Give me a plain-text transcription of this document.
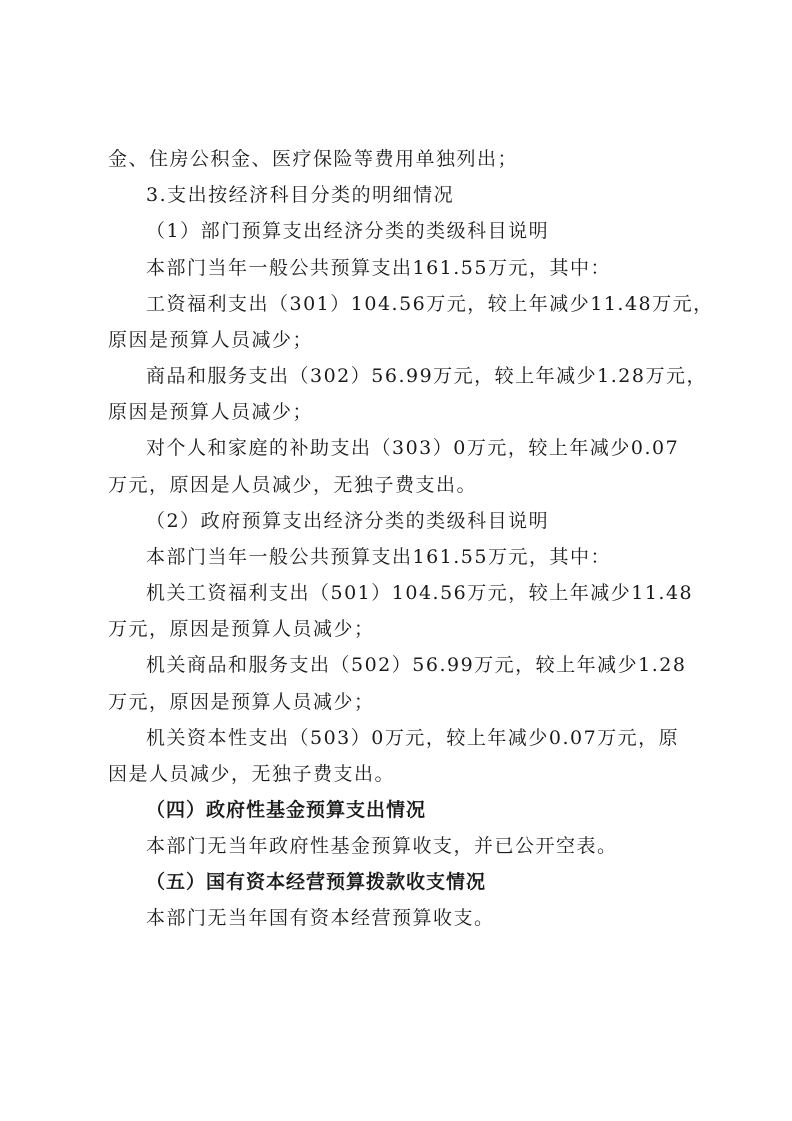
金、住房公积金、医疗保险等费用单独列出；
3.支出按经济科目分类的明细情况
（1）部门预算支出经济分类的类级科目说明
本部门当年一般公共预算支出161.55万元，其中：
工资福利支出（301）104.56万元，较上年减少11.48万元，
原因是预算人员减少；
商品和服务支出（302）56.99万元，较上年减少1.28万元，
原因是预算人员减少；
对个人和家庭的补助支出（303）0万元，较上年减少0.07
万元，原因是人员减少，无独子费支出。
（2）政府预算支出经济分类的类级科目说明
本部门当年一般公共预算支出161.55万元，其中：
机关工资福利支出（501）104.56万元，较上年减少11.48
万元，原因是预算人员减少；
机关商品和服务支出（502）56.99万元，较上年减少1.28
万元，原因是预算人员减少；
机关资本性支出（503）0万元，较上年减少0.07万元，原
因是人员减少，无独子费支出。
（四）政府性基金预算支出情况
本部门无当年政府性基金预算收支，并已公开空表。
（五）国有资本经营预算拨款收支情况
本部门无当年国有资本经营预算收支。
